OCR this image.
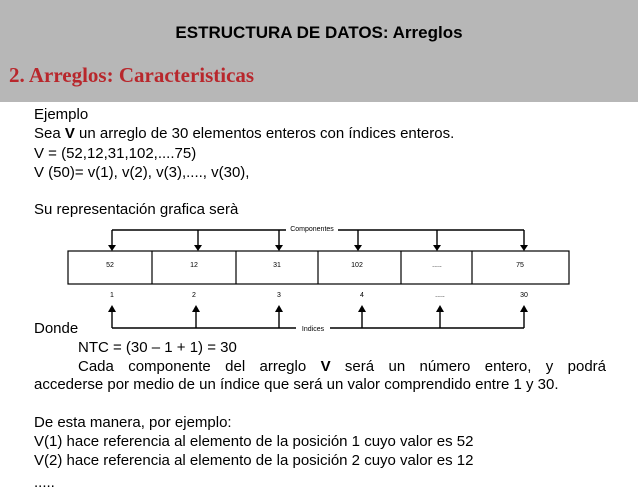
ESTRUCTURA DE DATOS: Arreglos
2. Arreglos: Caracteristicas
Ejemplo
Sea V un arreglo de 30 elementos enteros con índices enteros.
V = (52,12,31,102,....75)
V (50)= v(1), v(2), v(3),...., v(30),
Su representación grafica serà
Componentes
52	12	31	102	.....	75
1	2	3	4	.....	30
Indices
Donde
NTC = (30 – 1 + 1) = 30
Cada componente del arreglo V será un número entero, y podrá
accederse por medio de un índice que será un valor comprendido entre 1 y 30.
De esta manera, por ejemplo:
V(1) hace referencia al elemento de la posición 1 cuyo valor es 52
V(2) hace referencia al elemento de la posición 2 cuyo valor es 12
.....
